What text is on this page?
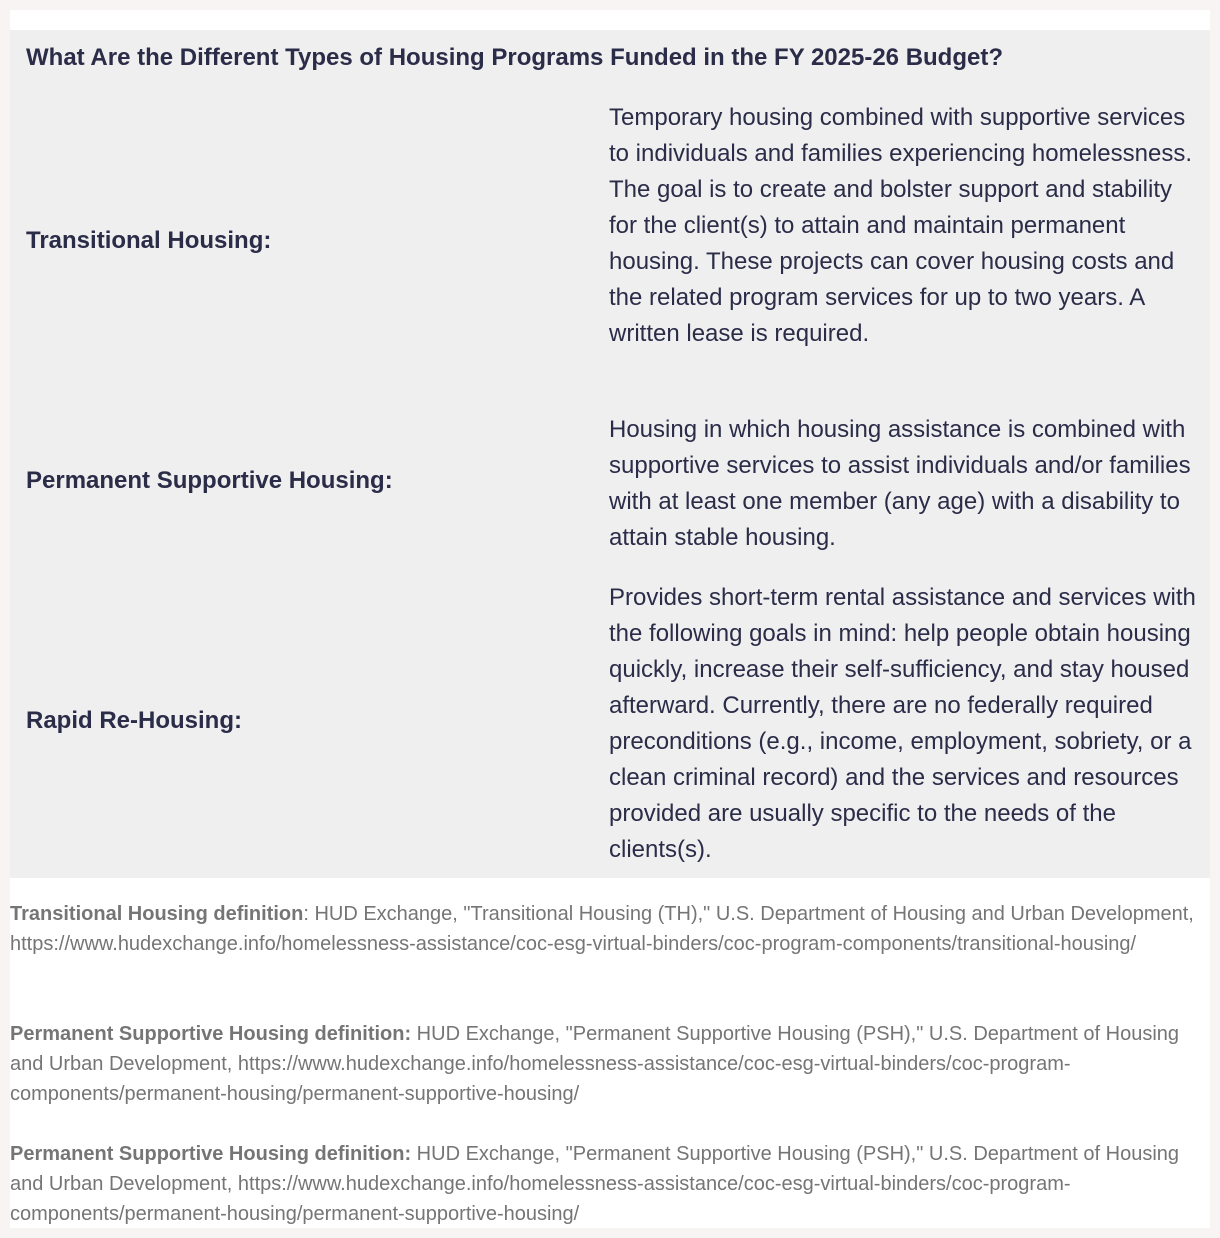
What Are the Different Types of Housing Programs Funded in the FY 2025-26 Budget?
Transitional Housing:

Temporary housing combined with supportive services to individuals and families experiencing homelessness. The goal is to create and bolster support and stability for the client(s) to attain and maintain permanent housing. These projects can cover housing costs and the related program services for up to two years. A written lease is required.

Permanent Supportive Housing:

Housing in which housing assistance is combined with supportive services to assist individuals and/or families with at least one member (any age) with a disability to attain stable housing.

Rapid Re-Housing:

Provides short-term rental assistance and services with the following goals in mind: help people obtain housing quickly, increase their self-sufficiency, and stay housed afterward. Currently, there are no federally required preconditions (e.g., income, employment, sobriety, or a clean criminal record) and the services and resources provided are usually specific to the needs of the clients(s).

Transitional Housing definition: HUD Exchange, "Transitional Housing (TH)," U.S. Department of Housing and Urban Development, https://www.hudexchange.info/homelessness-assistance/coc-esg-virtual-binders/coc-program-components/transitional-housing/

Permanent Supportive Housing definition: HUD Exchange, "Permanent Supportive Housing (PSH)," U.S. Department of Housing and Urban Development, https://www.hudexchange.info/homelessness-assistance/coc-esg-virtual-binders/coc-program-components/permanent-housing/permanent-supportive-housing/

Permanent Supportive Housing definition: HUD Exchange, "Permanent Supportive Housing (PSH)," U.S. Department of Housing and Urban Development, https://www.hudexchange.info/homelessness-assistance/coc-esg-virtual-binders/coc-program-components/permanent-housing/permanent-supportive-housing/
